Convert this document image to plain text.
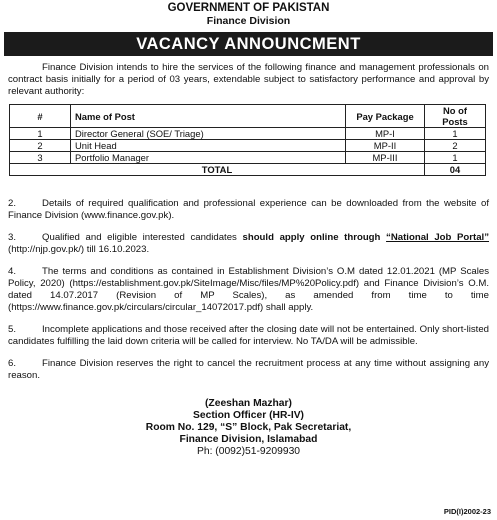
GOVERNMENT OF PAKISTAN
Finance Division
VACANCY ANNOUNCMENT
Finance Division intends to hire the services of the following finance and management professionals on contract basis initially for a period of 03 years, extendable subject to satisfactory performance and approval by relevant authority:
#	Name of Post	Pay Package	No of Posts
1	Director General (SOE/ Triage)	MP-I	1
2	Unit Head	MP-II	2
3	Portfolio Manager	MP-III	1
TOTAL			04
2.	Details of required qualification and professional experience can be downloaded from the website of Finance Division (www.finance.gov.pk).
3.	Qualified and eligible interested candidates should apply online through “National Job Portal” (http://njp.gov.pk/) till 16.10.2023.
4.	The terms and conditions as contained in Establishment Division’s O.M dated 12.01.2021 (MP Scales Policy, 2020) (https://establishment.gov.pk/SiteImage/Misc/files/MP%20Policy.pdf) and Finance Division’s O.M. dated 14.07.2017 (Revision of MP Scales), as amended from time to time (https://www.finance.gov.pk/circulars/circular_14072017.pdf) shall apply.
5.	Incomplete applications and those received after the closing date will not be entertained. Only short-listed candidates fulfilling the laid down criteria will be called for interview. No TA/DA will be admissible.
6.	Finance Division reserves the right to cancel the recruitment process at any time without assigning any reason.
(Zeeshan Mazhar)
Section Officer (HR-IV)
Room No. 129, “S” Block, Pak Secretariat,
Finance Division, Islamabad
Ph: (0092)51-9209930
PID(I)2002-23
